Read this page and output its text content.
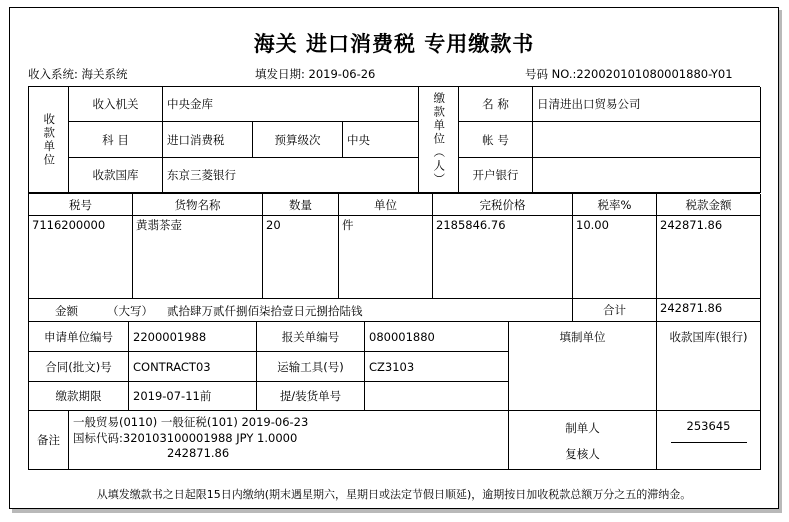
海关 进口消费税 专用缴款书
收入系统: 海关系统	填发日期: 2019-06-26	号码 NO.:220020101080001880-Y01
收款单位
收入机关	中央金库
科 目	进口消费税	预算级次	中央
收款国库	东京三菱银行	缴款单位（人）	名 称	日清进出口贸易公司
帐 号
开户银行
税号	货物名称	数量	单位	完税价格	税率%	税款金额
7116200000	黄翡茶壶	20	件	2185846.76	10.00	242871.86
金额	（大写） 贰拾肆万贰仟捌佰柒拾壹日元捌拾陆钱	合计	242871.86
申请单位编号	2200001988	报关单编号	080001880
合同(批文)号	CONTRACT03	运输工具(号)	CZ3103
缴款期限	2019-07-11前	提/装货单号
填制单位	收款国库(银行)
备注
一般贸易(0110) 一般征税(101) 2019-06-23
国标代码:320103100001988 JPY 1.0000
242871.86
制单人
复核人
253645
从填发缴款书之日起限15日内缴纳(期末遇星期六，星期日或法定节假日顺延)，逾期按日加收税款总额万分之五的滞纳金。
